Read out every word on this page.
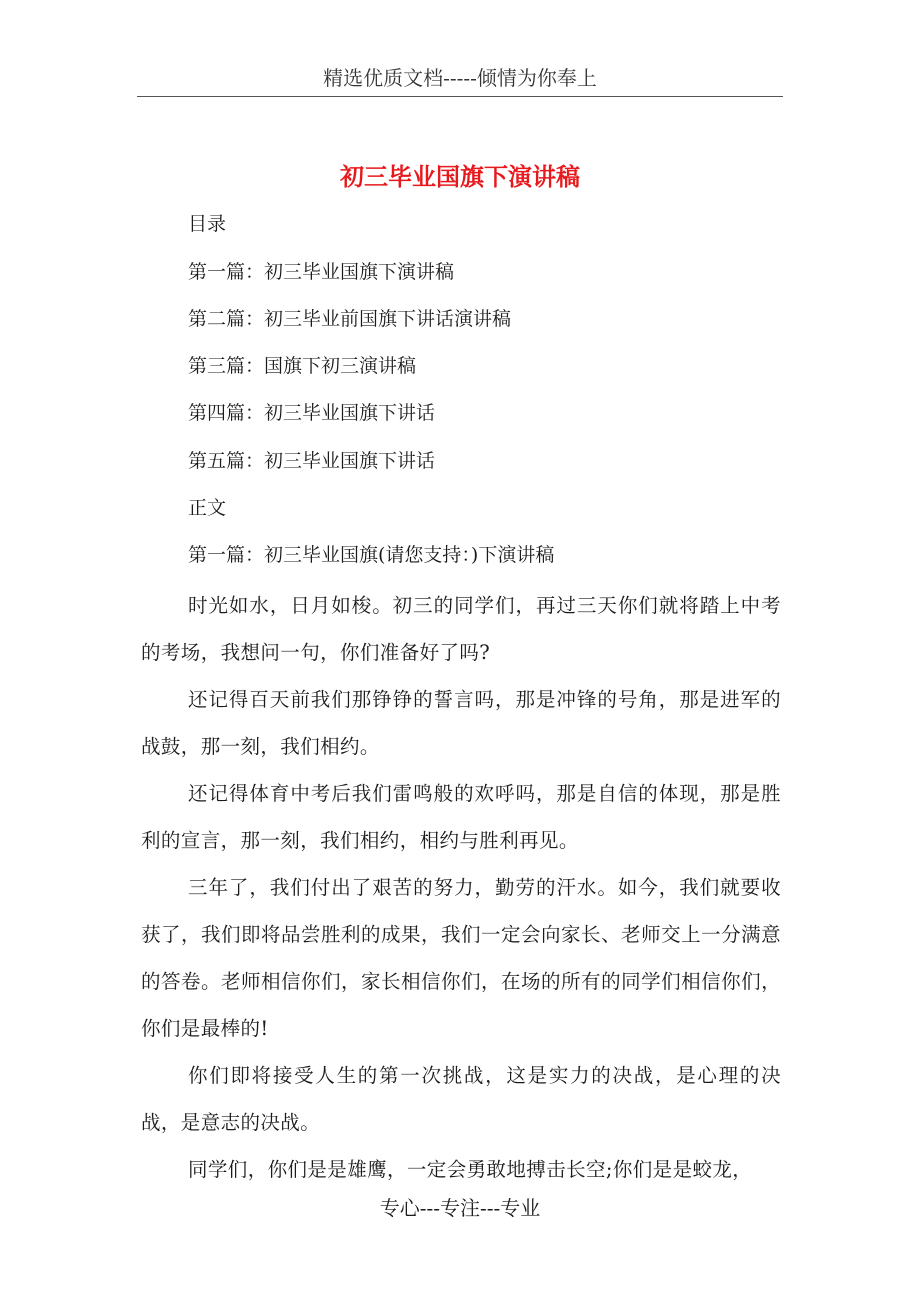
精选优质文档-----倾情为你奉上
初三毕业国旗下演讲稿
目录
第一篇：初三毕业国旗下演讲稿
第二篇：初三毕业前国旗下讲话演讲稿
第三篇：国旗下初三演讲稿
第四篇：初三毕业国旗下讲话
第五篇：初三毕业国旗下讲话
正文
第一篇：初三毕业国旗(请您支持：)下演讲稿

时光如水，日月如梭。初三的同学们，再过三天你们就将踏上中考的考场，我想问一句，你们准备好了吗?

还记得百天前我们那铮铮的誓言吗，那是冲锋的号角，那是进军的战鼓，那一刻，我们相约。

还记得体育中考后我们雷鸣般的欢呼吗，那是自信的体现，那是胜利的宣言，那一刻，我们相约，相约与胜利再见。

三年了，我们付出了艰苦的努力，勤劳的汗水。如今，我们就要收获了，我们即将品尝胜利的成果，我们一定会向家长、老师交上一分满意的答卷。老师相信你们，家长相信你们，在场的所有的同学们相信你们，你们是最棒的!

你们即将接受人生的第一次挑战，这是实力的决战，是心理的决战，是意志的决战。

同学们，你们是是雄鹰，一定会勇敢地搏击长空;你们是是蛟龙，

专心---专注---专业
